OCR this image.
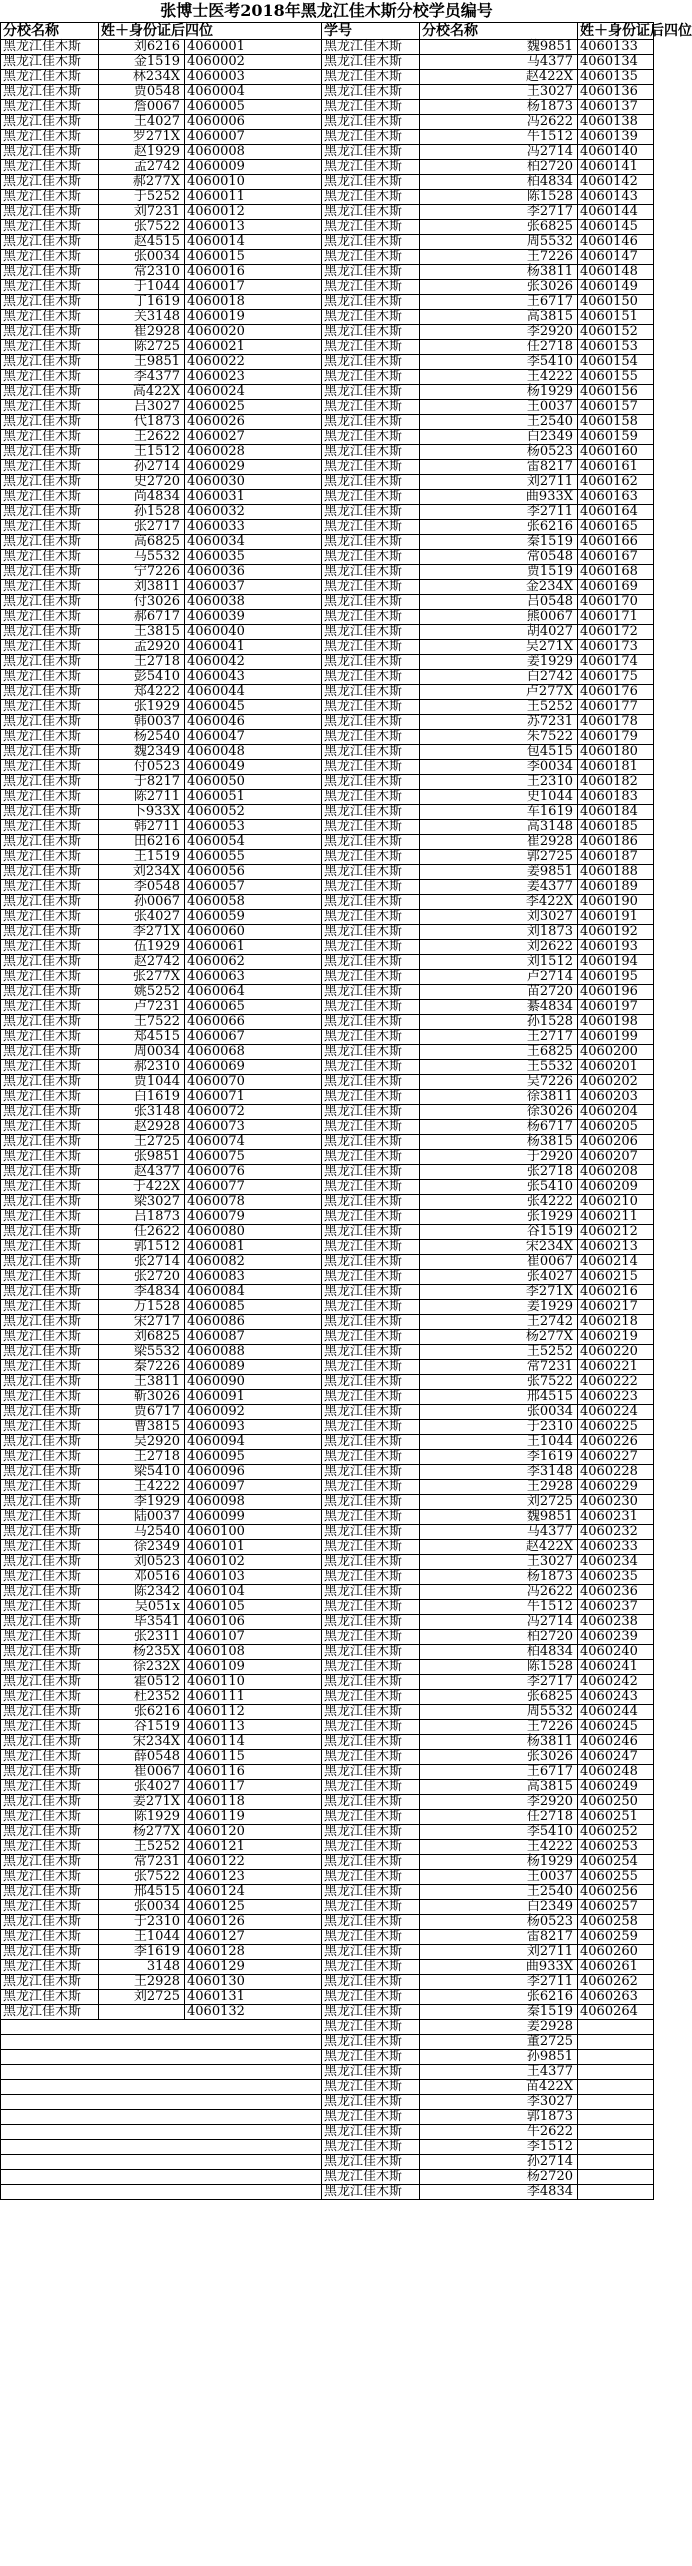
张博士医考2018年黑龙江佳木斯分校学员编号
分校名称	姓＋身份证后四位		学号	分校名称	姓＋身份证后四位	
黑龙江佳木斯	刘6216	4060001	黑龙江佳木斯	魏9851	4060133	
黑龙江佳木斯	金1519	4060002	黑龙江佳木斯	马4377	4060134	
黑龙江佳木斯	林234X	4060003	黑龙江佳木斯	赵422X	4060135	
黑龙江佳木斯	贾0548	4060004	黑龙江佳木斯	王3027	4060136	
黑龙江佳木斯	詹0067	4060005	黑龙江佳木斯	杨1873	4060137	
黑龙江佳木斯	王4027	4060006	黑龙江佳木斯	冯2622	4060138	
黑龙江佳木斯	罗271X	4060007	黑龙江佳木斯	牛1512	4060139	
黑龙江佳木斯	赵1929	4060008	黑龙江佳木斯	冯2714	4060140	
黑龙江佳木斯	孟2742	4060009	黑龙江佳木斯	柏2720	4060141	
黑龙江佳木斯	郝277X	4060010	黑龙江佳木斯	柏4834	4060142	
黑龙江佳木斯	于5252	4060011	黑龙江佳木斯	陈1528	4060143	
黑龙江佳木斯	刘7231	4060012	黑龙江佳木斯	李2717	4060144	
黑龙江佳木斯	张7522	4060013	黑龙江佳木斯	张6825	4060145	
黑龙江佳木斯	赵4515	4060014	黑龙江佳木斯	周5532	4060146	
黑龙江佳木斯	张0034	4060015	黑龙江佳木斯	王7226	4060147	
黑龙江佳木斯	常2310	4060016	黑龙江佳木斯	杨3811	4060148	
黑龙江佳木斯	于1044	4060017	黑龙江佳木斯	张3026	4060149	
黑龙江佳木斯	丁1619	4060018	黑龙江佳木斯	王6717	4060150	
黑龙江佳木斯	关3148	4060019	黑龙江佳木斯	高3815	4060151	
黑龙江佳木斯	崔2928	4060020	黑龙江佳木斯	李2920	4060152	
黑龙江佳木斯	陈2725	4060021	黑龙江佳木斯	任2718	4060153	
黑龙江佳木斯	王9851	4060022	黑龙江佳木斯	李5410	4060154	
黑龙江佳木斯	李4377	4060023	黑龙江佳木斯	王4222	4060155	
黑龙江佳木斯	高422X	4060024	黑龙江佳木斯	杨1929	4060156	
黑龙江佳木斯	吕3027	4060025	黑龙江佳木斯	王0037	4060157	
黑龙江佳木斯	代1873	4060026	黑龙江佳木斯	王2540	4060158	
黑龙江佳木斯	王2622	4060027	黑龙江佳木斯	白2349	4060159	
黑龙江佳木斯	王1512	4060028	黑龙江佳木斯	杨0523	4060160	
黑龙江佳木斯	孙2714	4060029	黑龙江佳木斯	雷8217	4060161	
黑龙江佳木斯	史2720	4060030	黑龙江佳木斯	刘2711	4060162	
黑龙江佳木斯	尚4834	4060031	黑龙江佳木斯	曲933X	4060163	
黑龙江佳木斯	孙1528	4060032	黑龙江佳木斯	李2711	4060164	
黑龙江佳木斯	张2717	4060033	黑龙江佳木斯	张6216	4060165	
黑龙江佳木斯	高6825	4060034	黑龙江佳木斯	秦1519	4060166	
黑龙江佳木斯	马5532	4060035	黑龙江佳木斯	常0548	4060167	
黑龙江佳木斯	宁7226	4060036	黑龙江佳木斯	贾1519	4060168	
黑龙江佳木斯	刘3811	4060037	黑龙江佳木斯	金234X	4060169	
黑龙江佳木斯	付3026	4060038	黑龙江佳木斯	吕0548	4060170	
黑龙江佳木斯	郝6717	4060039	黑龙江佳木斯	熊0067	4060171	
黑龙江佳木斯	王3815	4060040	黑龙江佳木斯	胡4027	4060172	
黑龙江佳木斯	孟2920	4060041	黑龙江佳木斯	吴271X	4060173	
黑龙江佳木斯	王2718	4060042	黑龙江佳木斯	姜1929	4060174	
黑龙江佳木斯	彭5410	4060043	黑龙江佳木斯	白2742	4060175	
黑龙江佳木斯	郑4222	4060044	黑龙江佳木斯	卢277X	4060176	
黑龙江佳木斯	张1929	4060045	黑龙江佳木斯	王5252	4060177	
黑龙江佳木斯	韩0037	4060046	黑龙江佳木斯	苏7231	4060178	
黑龙江佳木斯	杨2540	4060047	黑龙江佳木斯	朱7522	4060179	
黑龙江佳木斯	魏2349	4060048	黑龙江佳木斯	包4515	4060180	
黑龙江佳木斯	付0523	4060049	黑龙江佳木斯	李0034	4060181	
黑龙江佳木斯	于8217	4060050	黑龙江佳木斯	王2310	4060182	
黑龙江佳木斯	陈2711	4060051	黑龙江佳木斯	史1044	4060183	
黑龙江佳木斯	卜933X	4060052	黑龙江佳木斯	车1619	4060184	
黑龙江佳木斯	韩2711	4060053	黑龙江佳木斯	高3148	4060185	
黑龙江佳木斯	田6216	4060054	黑龙江佳木斯	崔2928	4060186	
黑龙江佳木斯	王1519	4060055	黑龙江佳木斯	郭2725	4060187	
黑龙江佳木斯	刘234X	4060056	黑龙江佳木斯	姜9851	4060188	
黑龙江佳木斯	李0548	4060057	黑龙江佳木斯	姜4377	4060189	
黑龙江佳木斯	孙0067	4060058	黑龙江佳木斯	李422X	4060190	
黑龙江佳木斯	张4027	4060059	黑龙江佳木斯	刘3027	4060191	
黑龙江佳木斯	李271X	4060060	黑龙江佳木斯	刘1873	4060192	
黑龙江佳木斯	伍1929	4060061	黑龙江佳木斯	刘2622	4060193	
黑龙江佳木斯	赵2742	4060062	黑龙江佳木斯	刘1512	4060194	
黑龙江佳木斯	张277X	4060063	黑龙江佳木斯	卢2714	4060195	
黑龙江佳木斯	姚5252	4060064	黑龙江佳木斯	苗2720	4060196	
黑龙江佳木斯	卢7231	4060065	黑龙江佳木斯	綦4834	4060197	
黑龙江佳木斯	王7522	4060066	黑龙江佳木斯	孙1528	4060198	
黑龙江佳木斯	郑4515	4060067	黑龙江佳木斯	王2717	4060199	
黑龙江佳木斯	周0034	4060068	黑龙江佳木斯	王6825	4060200	
黑龙江佳木斯	郝2310	4060069	黑龙江佳木斯	王5532	4060201	
黑龙江佳木斯	贾1044	4060070	黑龙江佳木斯	吴7226	4060202	
黑龙江佳木斯	白1619	4060071	黑龙江佳木斯	徐3811	4060203	
黑龙江佳木斯	张3148	4060072	黑龙江佳木斯	徐3026	4060204	
黑龙江佳木斯	赵2928	4060073	黑龙江佳木斯	杨6717	4060205	
黑龙江佳木斯	王2725	4060074	黑龙江佳木斯	杨3815	4060206	
黑龙江佳木斯	张9851	4060075	黑龙江佳木斯	于2920	4060207	
黑龙江佳木斯	赵4377	4060076	黑龙江佳木斯	张2718	4060208	
黑龙江佳木斯	于422X	4060077	黑龙江佳木斯	张5410	4060209	
黑龙江佳木斯	梁3027	4060078	黑龙江佳木斯	张4222	4060210	
黑龙江佳木斯	吕1873	4060079	黑龙江佳木斯	张1929	4060211	
黑龙江佳木斯	任2622	4060080	黑龙江佳木斯	谷1519	4060212	
黑龙江佳木斯	郭1512	4060081	黑龙江佳木斯	宋234X	4060213	
黑龙江佳木斯	张2714	4060082	黑龙江佳木斯	崔0067	4060214	
黑龙江佳木斯	张2720	4060083	黑龙江佳木斯	张4027	4060215	
黑龙江佳木斯	李4834	4060084	黑龙江佳木斯	李271X	4060216	
黑龙江佳木斯	万1528	4060085	黑龙江佳木斯	姜1929	4060217	
黑龙江佳木斯	宋2717	4060086	黑龙江佳木斯	王2742	4060218	
黑龙江佳木斯	刘6825	4060087	黑龙江佳木斯	杨277X	4060219	
黑龙江佳木斯	梁5532	4060088	黑龙江佳木斯	王5252	4060220	
黑龙江佳木斯	秦7226	4060089	黑龙江佳木斯	常7231	4060221	
黑龙江佳木斯	王3811	4060090	黑龙江佳木斯	张7522	4060222	
黑龙江佳木斯	靳3026	4060091	黑龙江佳木斯	邢4515	4060223	
黑龙江佳木斯	贾6717	4060092	黑龙江佳木斯	张0034	4060224	
黑龙江佳木斯	曹3815	4060093	黑龙江佳木斯	于2310	4060225	
黑龙江佳木斯	吴2920	4060094	黑龙江佳木斯	王1044	4060226	
黑龙江佳木斯	王2718	4060095	黑龙江佳木斯	李1619	4060227	
黑龙江佳木斯	梁5410	4060096	黑龙江佳木斯	李3148	4060228	
黑龙江佳木斯	王4222	4060097	黑龙江佳木斯	王2928	4060229	
黑龙江佳木斯	李1929	4060098	黑龙江佳木斯	刘2725	4060230	
黑龙江佳木斯	陆0037	4060099	黑龙江佳木斯	魏9851	4060231	
黑龙江佳木斯	马2540	4060100	黑龙江佳木斯	马4377	4060232	
黑龙江佳木斯	徐2349	4060101	黑龙江佳木斯	赵422X	4060233	
黑龙江佳木斯	刘0523	4060102	黑龙江佳木斯	王3027	4060234	
黑龙江佳木斯	邓0516	4060103	黑龙江佳木斯	杨1873	4060235	
黑龙江佳木斯	陈2342	4060104	黑龙江佳木斯	冯2622	4060236	
黑龙江佳木斯	吴051x	4060105	黑龙江佳木斯	牛1512	4060237	
黑龙江佳木斯	毕3541	4060106	黑龙江佳木斯	冯2714	4060238	
黑龙江佳木斯	张2311	4060107	黑龙江佳木斯	柏2720	4060239	
黑龙江佳木斯	杨235X	4060108	黑龙江佳木斯	柏4834	4060240	
黑龙江佳木斯	徐232X	4060109	黑龙江佳木斯	陈1528	4060241	
黑龙江佳木斯	霍0512	4060110	黑龙江佳木斯	李2717	4060242	
黑龙江佳木斯	杜2352	4060111	黑龙江佳木斯	张6825	4060243	
黑龙江佳木斯	张6216	4060112	黑龙江佳木斯	周5532	4060244	
黑龙江佳木斯	谷1519	4060113	黑龙江佳木斯	王7226	4060245	
黑龙江佳木斯	宋234X	4060114	黑龙江佳木斯	杨3811	4060246	
黑龙江佳木斯	薛0548	4060115	黑龙江佳木斯	张3026	4060247	
黑龙江佳木斯	崔0067	4060116	黑龙江佳木斯	王6717	4060248	
黑龙江佳木斯	张4027	4060117	黑龙江佳木斯	高3815	4060249	
黑龙江佳木斯	姜271X	4060118	黑龙江佳木斯	李2920	4060250	
黑龙江佳木斯	陈1929	4060119	黑龙江佳木斯	任2718	4060251	
黑龙江佳木斯	杨277X	4060120	黑龙江佳木斯	李5410	4060252	
黑龙江佳木斯	王5252	4060121	黑龙江佳木斯	王4222	4060253	
黑龙江佳木斯	常7231	4060122	黑龙江佳木斯	杨1929	4060254	
黑龙江佳木斯	张7522	4060123	黑龙江佳木斯	王0037	4060255	
黑龙江佳木斯	邢4515	4060124	黑龙江佳木斯	王2540	4060256	
黑龙江佳木斯	张0034	4060125	黑龙江佳木斯	白2349	4060257	
黑龙江佳木斯	于2310	4060126	黑龙江佳木斯	杨0523	4060258	
黑龙江佳木斯	王1044	4060127	黑龙江佳木斯	雷8217	4060259	
黑龙江佳木斯	李1619	4060128	黑龙江佳木斯	刘2711	4060260	
黑龙江佳木斯	3148	4060129	黑龙江佳木斯	曲933X	4060261	
黑龙江佳木斯	王2928	4060130	黑龙江佳木斯	李2711	4060262	
黑龙江佳木斯	刘2725	4060131	黑龙江佳木斯	张6216	4060263	
黑龙江佳木斯		4060132	黑龙江佳木斯	秦1519	4060264	
			黑龙江佳木斯	姜2928		
			黑龙江佳木斯	董2725		
			黑龙江佳木斯	孙9851		
			黑龙江佳木斯	王4377		
			黑龙江佳木斯	苗422X		
			黑龙江佳木斯	李3027		
			黑龙江佳木斯	郭1873		
			黑龙江佳木斯	牛2622		
			黑龙江佳木斯	李1512		
			黑龙江佳木斯	孙2714		
			黑龙江佳木斯	杨2720		
			黑龙江佳木斯	李4834		
